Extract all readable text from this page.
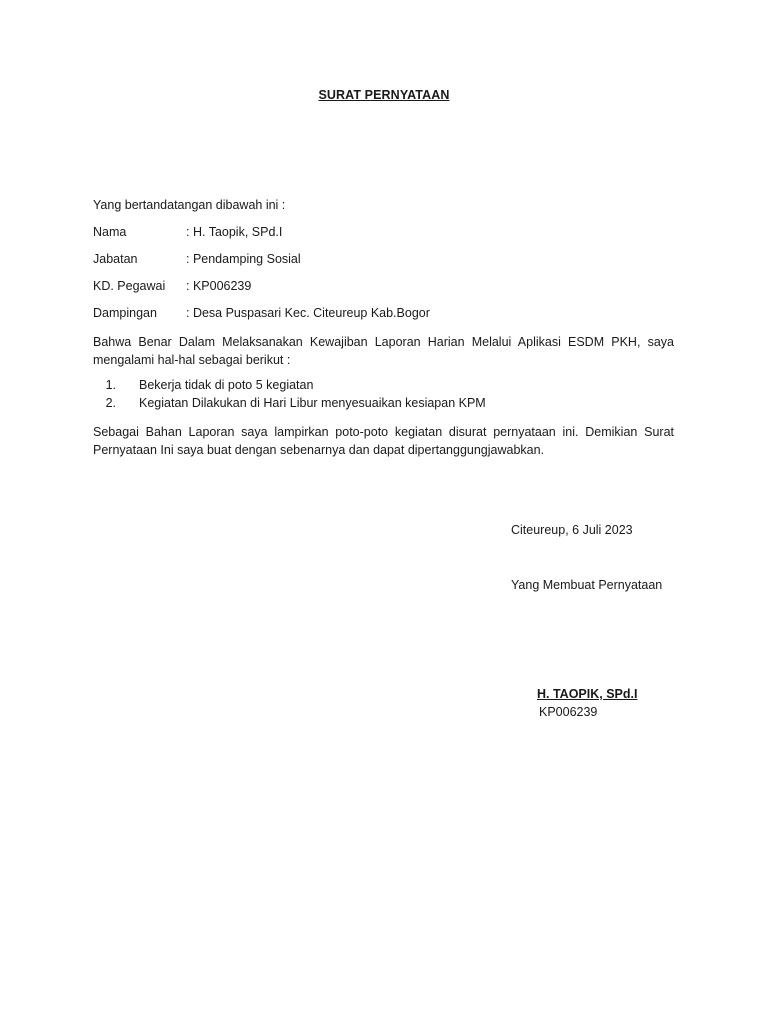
SURAT PERNYATAAN
Yang bertandatangan dibawah ini :
Nama	: H. Taopik, SPd.I
Jabatan	: Pendamping Sosial
KD. Pegawai	: KP006239
Dampingan	: Desa Puspasari Kec. Citeureup Kab.Bogor

Bahwa Benar Dalam Melaksanakan Kewajiban Laporan Harian Melalui Aplikasi ESDM PKH, saya mengalami hal-hal sebagai berikut :

1.	Bekerja tidak di poto 5 kegiatan
2.	Kegiatan Dilakukan di Hari Libur menyesuaikan kesiapan KPM

Sebagai Bahan Laporan saya lampirkan poto-poto kegiatan disurat pernyataan ini. Demikian Surat Pernyataan Ini saya buat dengan sebenarnya dan dapat dipertanggungjawabkan.

Citeureup, 6 Juli 2023
Yang Membuat Pernyataan
H. TAOPIK, SPd.I
KP006239
